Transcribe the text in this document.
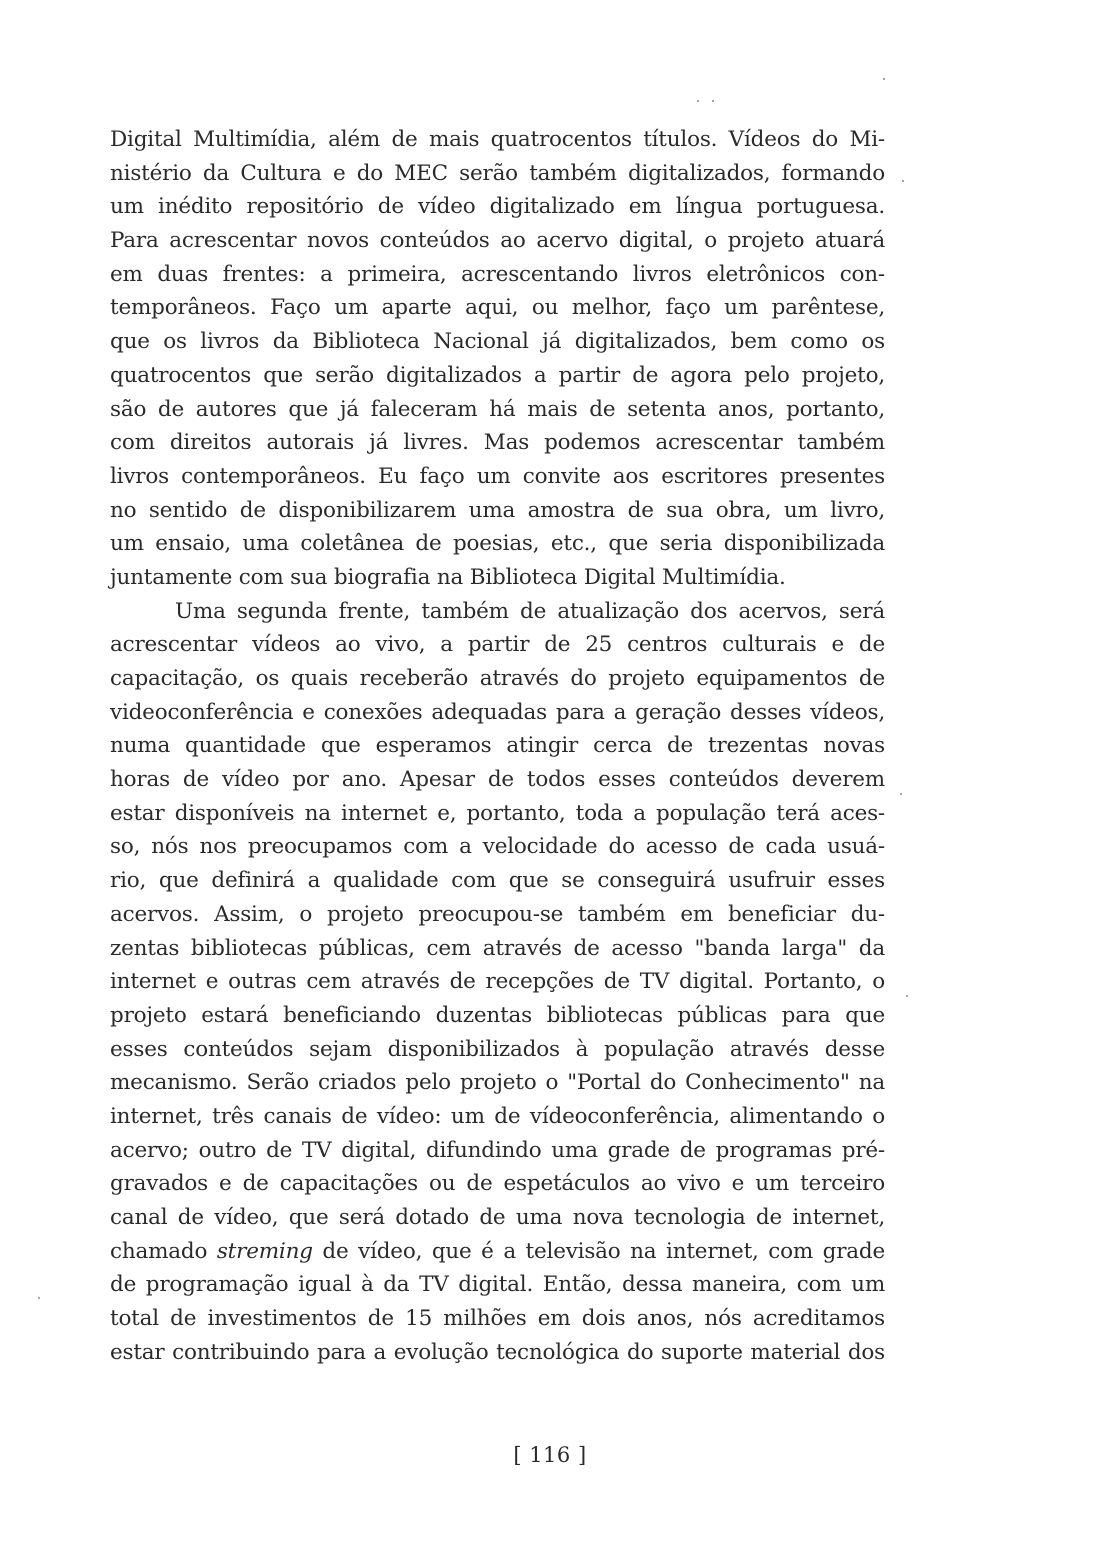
Digital Multimídia, além de mais quatrocentos títulos. Vídeos do Mi-
nistério da Cultura e do MEC serão também digitalizados, formando
um inédito repositório de vídeo digitalizado em língua portuguesa.
Para acrescentar novos conteúdos ao acervo digital, o projeto atuará
em duas frentes: a primeira, acrescentando livros eletrônicos con-
temporâneos. Faço um aparte aqui, ou melhor, faço um parêntese,
que os livros da Biblioteca Nacional já digitalizados, bem como os
quatrocentos que serão digitalizados a partir de agora pelo projeto,
são de autores que já faleceram há mais de setenta anos, portanto,
com direitos autorais já livres. Mas podemos acrescentar também
livros contemporâneos. Eu faço um convite aos escritores presentes
no sentido de disponibilizarem uma amostra de sua obra, um livro,
um ensaio, uma coletânea de poesias, etc., que seria disponibilizada
juntamente com sua biografia na Biblioteca Digital Multimídia.
Uma segunda frente, também de atualização dos acervos, será
acrescentar vídeos ao vivo, a partir de 25 centros culturais e de
capacitação, os quais receberão através do projeto equipamentos de
videoconferência e conexões adequadas para a geração desses vídeos,
numa quantidade que esperamos atingir cerca de trezentas novas
horas de vídeo por ano. Apesar de todos esses conteúdos deverem
estar disponíveis na internet e, portanto, toda a população terá aces-
so, nós nos preocupamos com a velocidade do acesso de cada usuá-
rio, que definirá a qualidade com que se conseguirá usufruir esses
acervos. Assim, o projeto preocupou-se também em beneficiar du-
zentas bibliotecas públicas, cem através de acesso "banda larga" da
internet e outras cem através de recepções de TV digital. Portanto, o
projeto estará beneficiando duzentas bibliotecas públicas para que
esses conteúdos sejam disponibilizados à população através desse
mecanismo. Serão criados pelo projeto o "Portal do Conhecimento" na
internet, três canais de vídeo: um de vídeoconferência, alimentando o
acervo; outro de TV digital, difundindo uma grade de programas pré-
gravados e de capacitações ou de espetáculos ao vivo e um terceiro
canal de vídeo, que será dotado de uma nova tecnologia de internet,
chamado streming de vídeo, que é a televisão na internet, com grade
de programação igual à da TV digital. Então, dessa maneira, com um
total de investimentos de 15 milhões em dois anos, nós acreditamos
estar contribuindo para a evolução tecnológica do suporte material dos
[ 116 ]
